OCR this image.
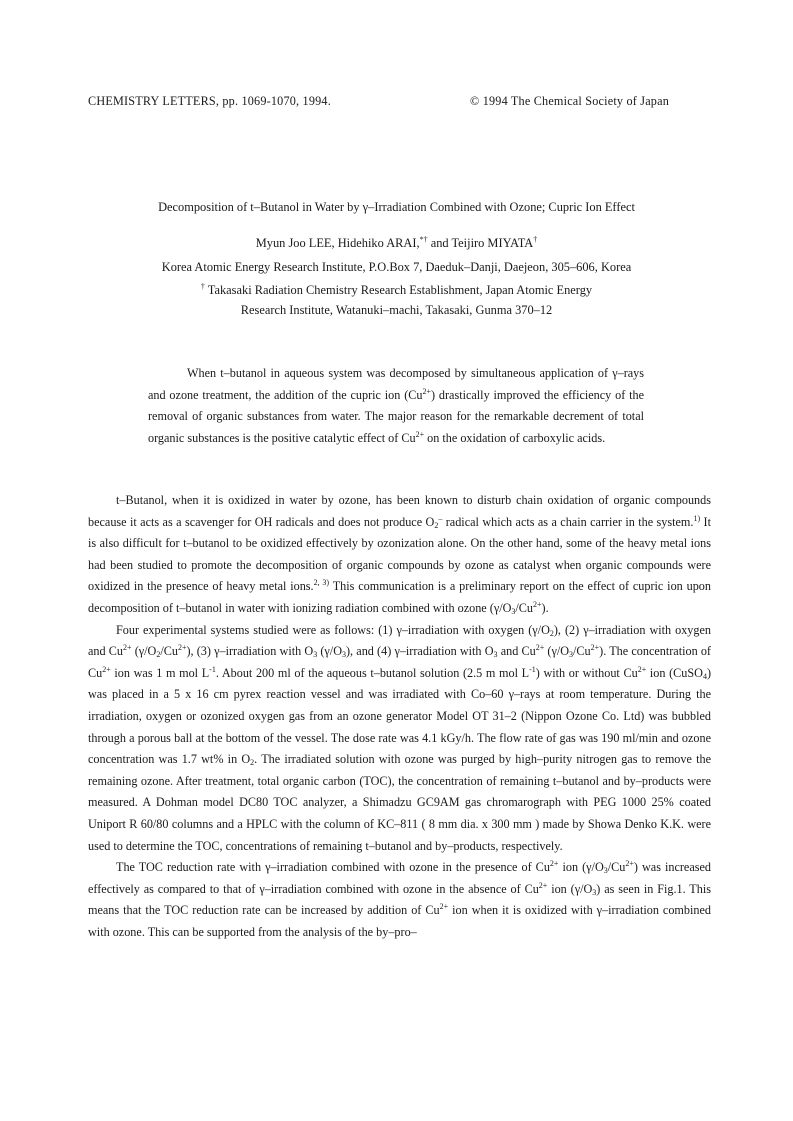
CHEMISTRY LETTERS, pp. 1069-1070, 1994.	© 1994 The Chemical Society of Japan
Decomposition of t–Butanol in Water by γ–Irradiation Combined with Ozone; Cupric Ion Effect
Myun Joo LEE, Hidehiko ARAI,*† and Teijiro MIYATA†
Korea Atomic Energy Research Institute, P.O.Box 7, Daeduk–Danji, Daejeon, 305–606, Korea
† Takasaki Radiation Chemistry Research Establishment, Japan Atomic Energy
Research Institute, Watanuki–machi, Takasaki, Gunma 370–12

When t–butanol in aqueous system was decomposed by simultaneous application of γ–rays and ozone treatment, the addition of the cupric ion $(Cu^{2+})$ drastically improved the efficiency of the removal of organic substances from water. The major reason for the remarkable decrement of total organic substances is the positive catalytic effect of $Cu^{2+}$ on the oxidation of carboxylic acids.

t–Butanol, when it is oxidized in water by ozone, has been known to disturb chain oxidation of organic compounds because it acts as a scavenger for OH radicals and does not produce $O_2^-$ radical which acts as a chain carrier in the system.$^{1)}$ It is also difficult for t–butanol to be oxidized effectively by ozonization alone. On the other hand, some of the heavy metal ions had been studied to promote the decomposition of organic compounds by ozone as catalyst when organic compounds were oxidized in the presence of heavy metal ions.$^{2, 3)}$ This communication is a preliminary report on the effect of cupric ion upon decomposition of t–butanol in water with ionizing radiation combined with ozone $(\gamma/O_3/Cu^{2+})$.

Four experimental systems studied were as follows: (1) γ–irradiation with oxygen $(\gamma/O_2)$, (2) γ–irradiation with oxygen and $Cu^{2+}$ $(\gamma/O_2/Cu^{2+})$, (3) γ–irradiation with $O_3$ $(\gamma/O_3)$, and (4) γ–irradiation with $O_3$ and $Cu^{2+}$ $(\gamma/O_3/Cu^{2+})$. The concentration of $Cu^{2+}$ ion was 1 m mol $L^{-1}$. About 200 ml of the aqueous t–butanol solution (2.5 m mol $L^{-1}$) with or without $Cu^{2+}$ ion (CuSO$_4$) was placed in a 5 x 16 cm pyrex reaction vessel and was irradiated with Co–60 γ–rays at room temperature. During the irradiation, oxygen or ozonized oxygen gas from an ozone generator Model OT 31–2 (Nippon Ozone Co. Ltd) was bubbled through a porous ball at the bottom of the vessel. The dose rate was 4.1 kGy/h. The flow rate of gas was 190 ml/min and ozone concentration was 1.7 wt% in $O_2$. The irradiated solution with ozone was purged by high–purity nitrogen gas to remove the remaining ozone. After treatment, total organic carbon (TOC), the concentration of remaining t–butanol and by–products were measured. A Dohman model DC80 TOC analyzer, a Shimadzu GC9AM gas chromarograph with PEG 1000 25% coated Uniport R 60/80 columns and a HPLC with the column of KC–811 ( 8 mm dia. x 300 mm ) made by Showa Denko K.K. were used to determine the TOC, concentrations of remaining t–butanol and by–products, respectively.

The TOC reduction rate with γ–irradiation combined with ozone in the presence of $Cu^{2+}$ ion $(\gamma/O_3/Cu^{2+})$ was increased effectively as compared to that of γ–irradiation combined with ozone in the absence of $Cu^{2+}$ ion $(\gamma/O_3)$ as seen in Fig.1. This means that the TOC reduction rate can be increased by addition of $Cu^{2+}$ ion when it is oxidized with γ–irradiation combined with ozone. This can be supported from the analysis of the by–pro–
